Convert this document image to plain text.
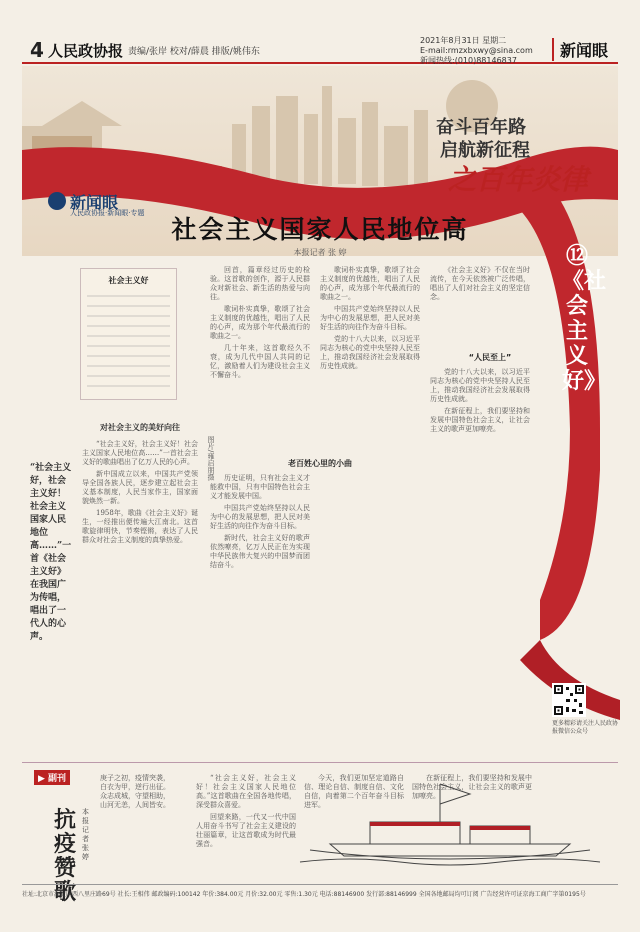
4 人民政协报 责编/张岸 校对/薛晨 排版/姚伟东
2021年8月31日 星期二
E-mail:rmzxbxwy@sina.com
新闻热线:(010)88146837
新闻眼
奋斗百年路
启航新征程
之百年炎律
⑫《社会主义好》
新闻眼
人民政协报·新闻眼·专题
社会主义国家人民地位高
本报记者 张 婷
社会主义好
对社会主义的美好向往
图片/雍启朋摄
“社会主义好，社会主义好！社会主义国家人民地位高……”一首《社会主义好》在我国广为传唱，唱出了一代人的心声。

“社会主义好，社会主义好！社会主义国家人民地位高……”一首社会主义好的歌曲唱出了亿万人民的心声。

新中国成立以来，中国共产党领导全国各族人民，逐步建立起社会主义基本制度，人民当家作主，国家面貌焕然一新。

1958年，歌曲《社会主义好》诞生，一经推出便传遍大江南北。这首歌旋律明快，节奏铿锵，表达了人民群众对社会主义制度的真挚热爱。

回首，篇章经过历史的检验。这首歌的创作，源于人民群众对新社会、新生活的热爱与向往。

歌词朴实真挚，歌颂了社会主义制度的优越性，唱出了人民的心声，成为那个年代最流行的歌曲之一。

几十年来，这首歌经久不衰，成为几代中国人共同的记忆，激励着人们为建设社会主义不懈奋斗。

老百姓心里的小曲

历史证明，只有社会主义才能救中国，只有中国特色社会主义才能发展中国。

中国共产党始终坚持以人民为中心的发展思想，把人民对美好生活的向往作为奋斗目标。

新时代，社会主义好的歌声依然嘹亮，亿万人民正在为实现中华民族伟大复兴的中国梦而团结奋斗。

歌词朴实真挚，歌颂了社会主义制度的优越性，唱出了人民的心声，成为那个年代最流行的歌曲之一。

中国共产党始终坚持以人民为中心的发展思想，把人民对美好生活的向往作为奋斗目标。

党的十八大以来，以习近平同志为核心的党中央坚持人民至上，推动我国经济社会发展取得历史性成就。

《社会主义好》不仅在当时流传，在今天依然被广泛传唱，唱出了人们对社会主义的坚定信念。

“人民至上”

党的十八大以来，以习近平同志为核心的党中央坚持人民至上，推动我国经济社会发展取得历史性成就。

在新征程上，我们要坚持和发展中国特色社会主义，让社会主义的歌声更加嘹亮。

▶ 副刊
抗疫赞歌
本报记者 张婷
庚子之初，疫情突袭，
白衣为甲，逆行出征。
众志成城，守望相助，
山河无恙，人间皆安。

“社会主义好，社会主义好！社会主义国家人民地位高。”这首歌曲在全国各地传唱，深受群众喜爱。

回望来路，一代又一代中国人用奋斗书写了社会主义建设的壮丽篇章，让这首歌成为时代最强音。

今天，我们更加坚定道路自信、理论自信、制度自信、文化自信，向着第二个百年奋斗目标进军。

在新征程上，我们要坚持和发展中国特色社会主义，让社会主义的歌声更加嘹亮。

更多精彩请关注人民政协报微信公众号
社址:北京市海淀区西八里庄路69号 社长:王相伟 邮政编码:100142 年价:384.00元 月价:32.00元 零售:1.30元 电话:88146900 发行部:88146999 全国各地邮局均可订阅 广告经营许可证京海工商广字第0195号
